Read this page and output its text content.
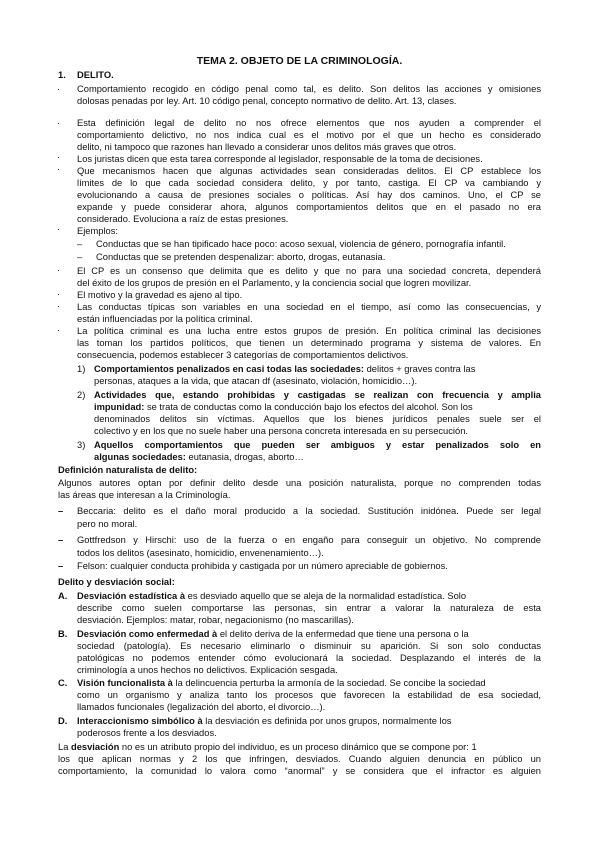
TEMA 2. OBJETO DE LA CRIMINOLOGÍA.
1. DELITO.
·
·
·
·
·
·
·
·
·
Comportamiento recogido en código penal como tal, es delito. Son delitos las acciones y omisiones
dolosas penadas por ley. Art. 10 código penal, concepto normativo de delito. Art. 13, clases.
Esta definición legal de delito no nos ofrece elementos que nos ayuden a comprender el
comportamiento delictivo, no nos indica cual es el motivo por el que un hecho es considerado
delito, ni tampoco que razones han llevado a considerar unos delitos más graves que otros.
Los juristas dicen que esta tarea corresponde al legislador, responsable de la toma de decisiones.
Que mecanismos hacen que algunas actividades sean consideradas delitos. El CP establece los
límites de lo que cada sociedad considera delito, y por tanto, castiga. El CP va cambiando y
evolucionando a causa de presiones sociales o políticas. Así hay dos caminos. Uno, el CP se
expande y puede considerar ahora, algunos comportamientos delitos que en el pasado no era
considerado. Evoluciona a raíz de estas presiones.
Ejemplos:
– Conductas que se han tipificado hace poco: acoso sexual, violencia de género, pornografía infantil.
– Conductas que se pretenden despenalizar: aborto, drogas, eutanasia.
El CP es un consenso que delimita que es delito y que no para una sociedad concreta, dependerá
del éxito de los grupos de presión en el Parlamento, y la conciencia social que logren movilizar.
El motivo y la gravedad es ajeno al tipo.
Las conductas típicas son variables en una sociedad en el tiempo, así como las consecuencias, y
están influenciadas por la política criminal.
La política criminal es una lucha entre estos grupos de presión. En política criminal las decisiones
las toman los partidos políticos, que tienen un determinado programa y sistema de valores. En
consecuencia, podemos establecer 3 categorías de comportamientos delictivos.
1) Comportamientos penalizados en casi todas las sociedades: delitos + graves contra las
personas, ataques a la vida, que atacan df (asesinato, violación, homicidio…).
2) Actividades que, estando prohibidas y castigadas se realizan con frecuencia y amplia
impunidad: se trata de conductas como la conducción bajo los efectos del alcohol. Son los
denominados delitos sin víctimas. Aquellos que los bienes jurídicos penales suele ser el
colectivo y en los que no suele haber una persona concreta interesada en su persecución.
3) Aquellos comportamientos que pueden ser ambiguos y estar penalizados solo en
algunas sociedades: eutanasia, drogas, aborto…
Definición naturalista de delito:
Algunos autores optan por definir delito desde una posición naturalista, porque no comprenden todas
las áreas que interesan a la Criminología.
– Beccaria: delito es el daño moral producido a la sociedad. Sustitución inidónea. Puede ser legal
pero no moral.
– Gottfredson y Hirschi: uso de la fuerza o en engaño para conseguir un objetivo. No comprende
todos los delitos (asesinato, homicidio, envenenamiento…).
– Felson: cualquier conducta prohibida y castigada por un número apreciable de gobiernos.
Delito y desviación social:
A. Desviación estadística à es desviado aquello que se aleja de la normalidad estadística. Solo
describe como suelen comportarse las personas, sin entrar a valorar la naturaleza de esta
desviación. Ejemplos: matar, robar, negacionismo (no mascarillas).
B. Desviación como enfermedad à el delito deriva de la enfermedad que tiene una persona o la
sociedad (patología). Es necesario eliminarlo o disminuir su aparición. Si son solo conductas
patológicas no podemos entender cómo evolucionará la sociedad. Desplazando el interés de la
criminología a unos hechos no delictivos. Explicación sesgada.
C. Visión funcionalista à la delincuencia perturba la armonía de la sociedad. Se concibe la sociedad
como un organismo y analiza tanto los procesos que favorecen la estabilidad de esa sociedad,
llamados funcionales (legalización del aborto, el divorcio…).
D. Interaccionismo simbólico à la desviación es definida por unos grupos, normalmente los
poderosos frente a los desviados.
La desviación no es un atributo propio del individuo, es un proceso dinámico que se compone por: 1
los que aplican normas y 2 los que infringen, desviados. Cuando alguien denuncia en público un
comportamiento, la comunidad lo valora como “anormal” y se considera que el infractor es alguien
